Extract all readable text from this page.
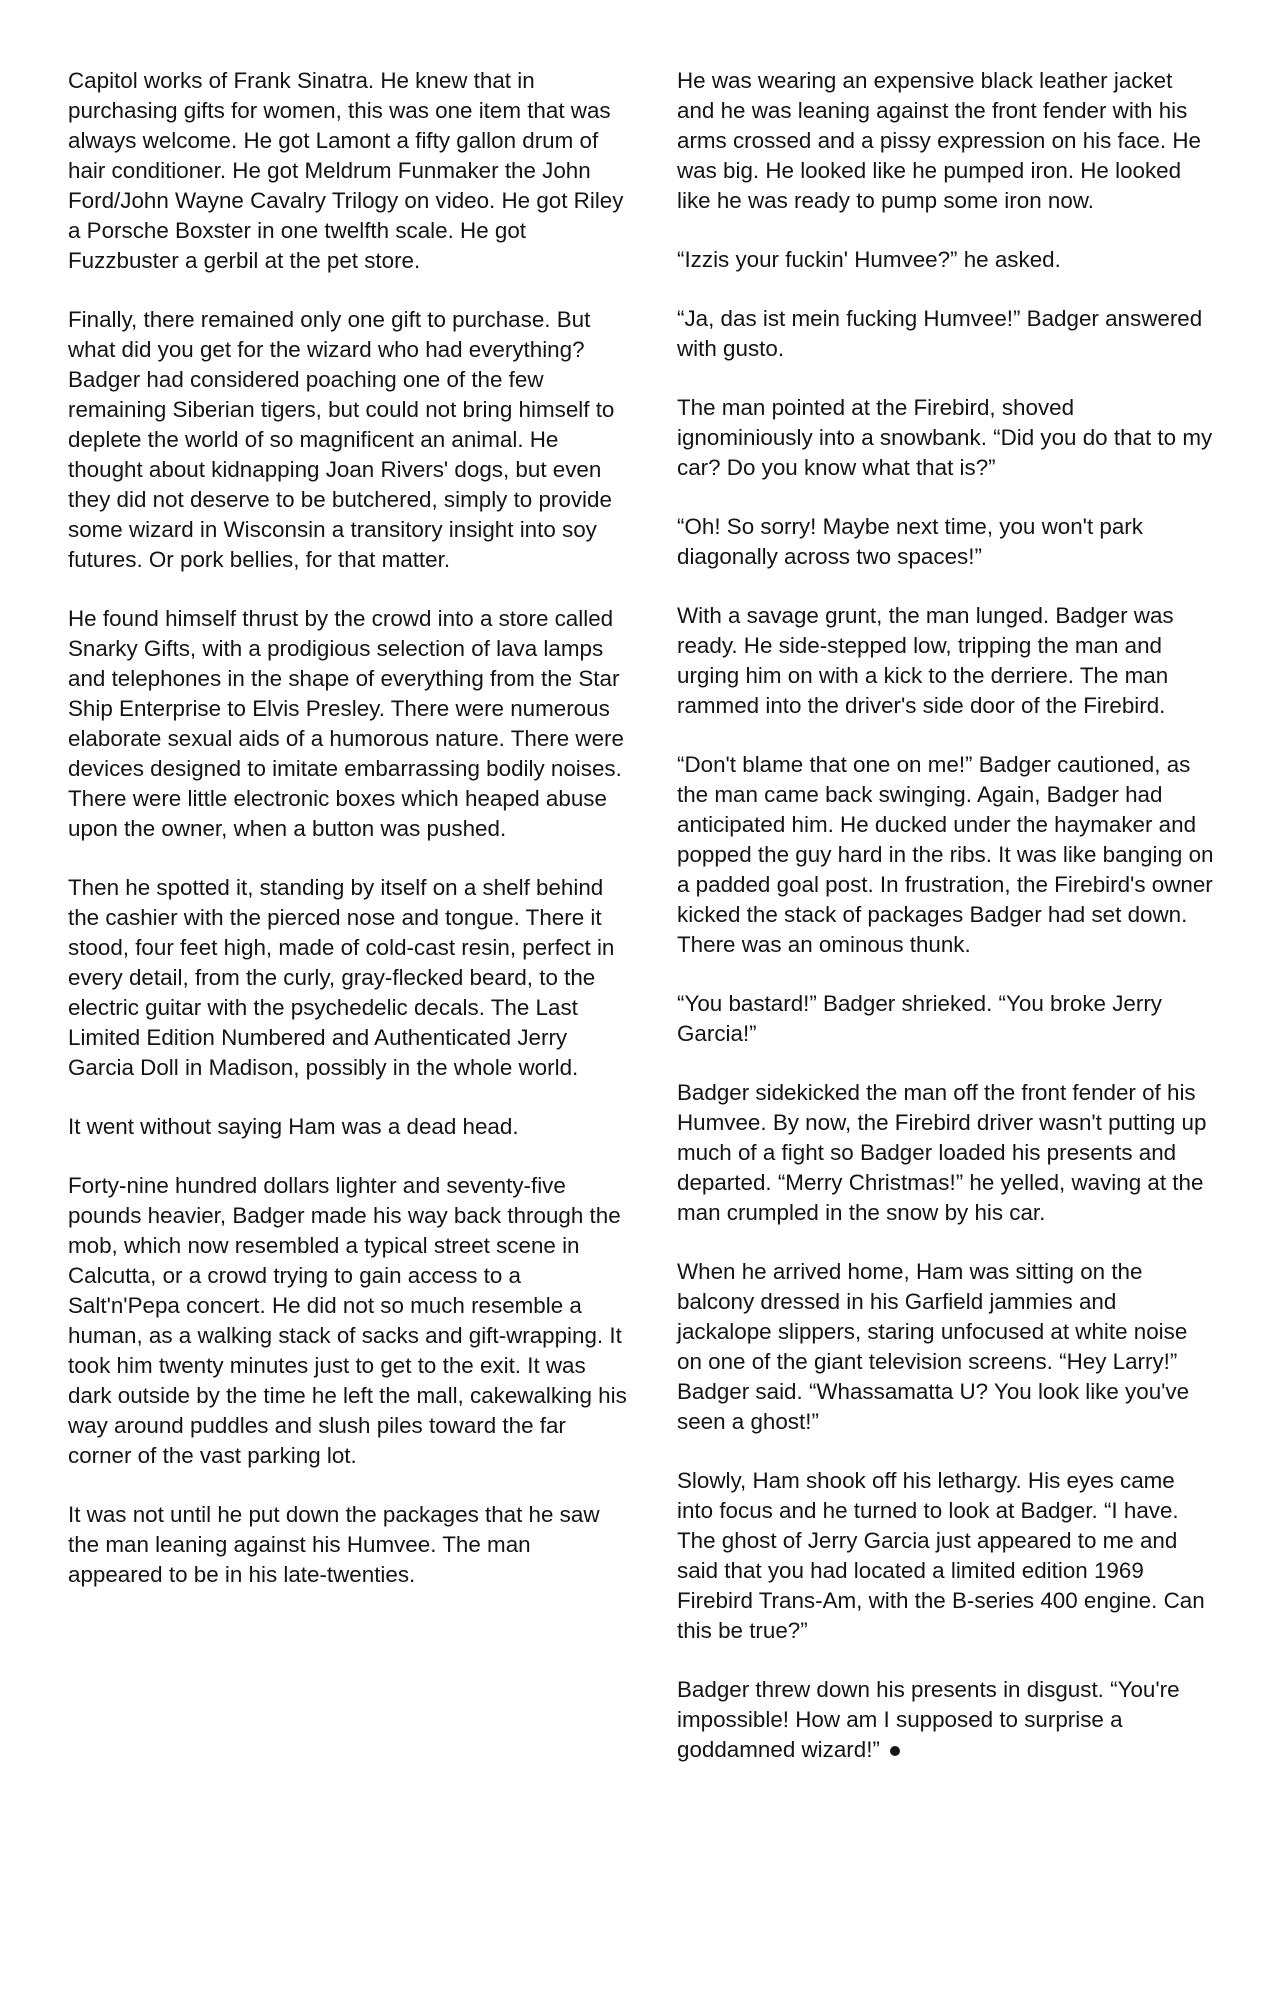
Capitol works of Frank Sinatra. He knew that in purchasing gifts for women, this was one item that was always welcome. He got Lamont a fifty gallon drum of hair conditioner. He got Meldrum Funmaker the John Ford/John Wayne Cavalry Trilogy on video. He got Riley a Porsche Boxster in one twelfth scale. He got Fuzzbuster a gerbil at the pet store.

Finally, there remained only one gift to purchase. But what did you get for the wizard who had everything? Badger had considered poaching one of the few remaining Siberian tigers, but could not bring himself to deplete the world of so magnificent an animal. He thought about kidnapping Joan Rivers' dogs, but even they did not deserve to be butchered, simply to provide some wizard in Wisconsin a transitory insight into soy futures. Or pork bellies, for that matter.

He found himself thrust by the crowd into a store called Snarky Gifts, with a prodigious selection of lava lamps and telephones in the shape of everything from the Star Ship Enterprise to Elvis Presley. There were numerous elaborate sexual aids of a humorous nature. There were devices designed to imitate embarrassing bodily noises. There were little electronic boxes which heaped abuse upon the owner, when a button was pushed.

Then he spotted it, standing by itself on a shelf behind the cashier with the pierced nose and tongue. There it stood, four feet high, made of cold-cast resin, perfect in every detail, from the curly, gray-flecked beard, to the electric guitar with the psychedelic decals. The Last Limited Edition Numbered and Authenticated Jerry Garcia Doll in Madison, possibly in the whole world.

It went without saying Ham was a dead head.

Forty-nine hundred dollars lighter and seventy-five pounds heavier, Badger made his way back through the mob, which now resembled a typical street scene in Calcutta, or a crowd trying to gain access to a Salt'n'Pepa concert. He did not so much resemble a human, as a walking stack of sacks and gift-wrapping. It took him twenty minutes just to get to the exit. It was dark outside by the time he left the mall, cakewalking his way around puddles and slush piles toward the far corner of the vast parking lot.

It was not until he put down the packages that he saw the man leaning against his Humvee. The man appeared to be in his late-twenties.

He was wearing an expensive black leather jacket and he was leaning against the front fender with his arms crossed and a pissy expression on his face. He was big. He looked like he pumped iron. He looked like he was ready to pump some iron now.

“Izzis your fuckin' Humvee?” he asked.

“Ja, das ist mein fucking Humvee!” Badger answered with gusto.

The man pointed at the Firebird, shoved ignominiously into a snowbank. “Did you do that to my car? Do you know what that is?”

“Oh! So sorry! Maybe next time, you won't park diagonally across two spaces!”

With a savage grunt, the man lunged. Badger was ready. He side-stepped low, tripping the man and urging him on with a kick to the derriere. The man rammed into the driver's side door of the Firebird.

“Don't blame that one on me!” Badger cautioned, as the man came back swinging. Again, Badger had anticipated him. He ducked under the haymaker and popped the guy hard in the ribs. It was like banging on a padded goal post. In frustration, the Firebird's owner kicked the stack of packages Badger had set down. There was an ominous thunk.

“You bastard!” Badger shrieked. “You broke Jerry Garcia!”

Badger sidekicked the man off the front fender of his Humvee. By now, the Firebird driver wasn't putting up much of a fight so Badger loaded his presents and departed. “Merry Christmas!” he yelled, waving at the man crumpled in the snow by his car.

When he arrived home, Ham was sitting on the balcony dressed in his Garfield jammies and jackalope slippers, staring unfocused at white noise on one of the giant television screens. “Hey Larry!” Badger said. “Whassamatta U? You look like you've seen a ghost!”

Slowly, Ham shook off his lethargy. His eyes came into focus and he turned to look at Badger. “I have. The ghost of Jerry Garcia just appeared to me and said that you had located a limited edition 1969 Firebird Trans-Am, with the B-series 400 engine. Can this be true?”

Badger threw down his presents in disgust. “You're impossible! How am I supposed to surprise a goddamned wizard!”
